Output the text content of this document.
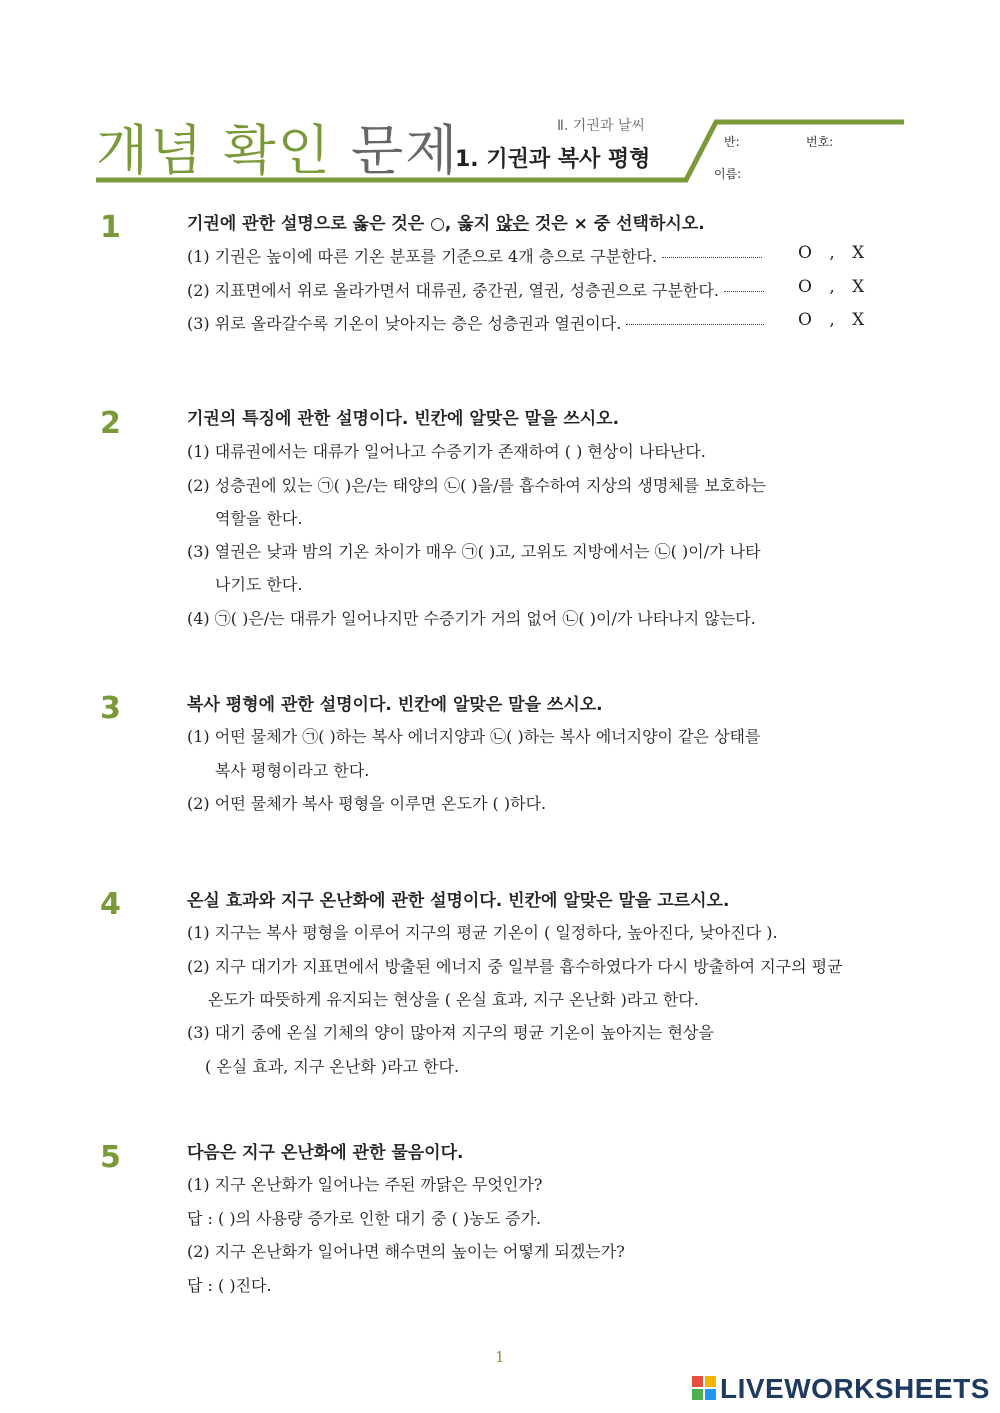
개념 확인 문제	Ⅱ. 기권과 날씨
1. 기권과 복사 평형
반:	번호:
이름:
1	기권에 관한 설명으로 옳은 것은 ○, 옳지 않은 것은 × 중 선택하시오.
(1) 기권은 높이에 따른 기온 분포를 기준으로 4개 층으로 구분한다.	O , X
(2) 지표면에서 위로 올라가면서 대류권, 중간권, 열권, 성층권으로 구분한다.	O , X
(3) 위로 올라갈수록 기온이 낮아지는 층은 성층권과 열권이다.	O , X
2	기권의 특징에 관한 설명이다. 빈칸에 알맞은 말을 쓰시오.
(1) 대류권에서는 대류가 일어나고 수증기가 존재하여 ( ) 현상이 나타난다.
(2) 성층권에 있는 ㉠( )은/는 태양의 ㉡( )을/를 흡수하여 지상의 생명체를 보호하는
역할을 한다.
(3) 열권은 낮과 밤의 기온 차이가 매우 ㉠( )고, 고위도 지방에서는 ㉡( )이/가 나타
나기도 한다.
(4) ㉠( )은/는 대류가 일어나지만 수증기가 거의 없어 ㉡( )이/가 나타나지 않는다.
3	복사 평형에 관한 설명이다. 빈칸에 알맞은 말을 쓰시오.
(1) 어떤 물체가 ㉠( )하는 복사 에너지양과 ㉡( )하는 복사 에너지양이 같은 상태를
복사 평형이라고 한다.
(2) 어떤 물체가 복사 평형을 이루면 온도가 ( )하다.
4	온실 효과와 지구 온난화에 관한 설명이다. 빈칸에 알맞은 말을 고르시오.
(1) 지구는 복사 평형을 이루어 지구의 평균 기온이 ( 일정하다, 높아진다, 낮아진다 ).
(2) 지구 대기가 지표면에서 방출된 에너지 중 일부를 흡수하였다가 다시 방출하여 지구의 평균
온도가 따뜻하게 유지되는 현상을 ( 온실 효과, 지구 온난화 )라고 한다.
(3) 대기 중에 온실 기체의 양이 많아져 지구의 평균 기온이 높아지는 현상을
( 온실 효과, 지구 온난화 )라고 한다.
5	다음은 지구 온난화에 관한 물음이다.
(1) 지구 온난화가 일어나는 주된 까닭은 무엇인가?
답 : ( )의 사용량 증가로 인한 대기 중 ( )농도 증가.
(2) 지구 온난화가 일어나면 해수면의 높이는 어떻게 되겠는가?
답 : ( )진다.
1
LIVEWORKSHEETS
